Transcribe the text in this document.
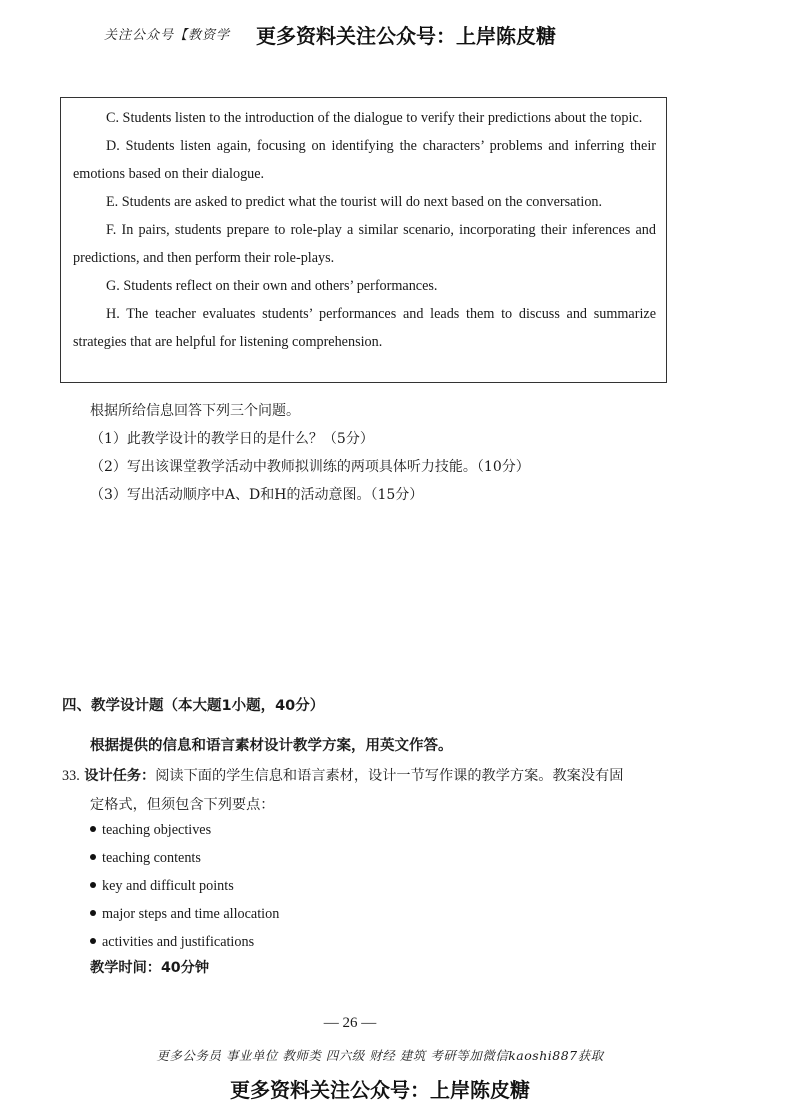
关注公众号【教资学 更多资料关注公众号：上岸陈皮糖

C. Students listen to the introduction of the dialogue to verify their predictions about the topic.

D. Students listen again, focusing on identifying the characters’ problems and inferring their emotions based on their dialogue.

E. Students are asked to predict what the tourist will do next based on the conversation.

F. In pairs, students prepare to role-play a similar scenario, incorporating their inferences and predictions, and then perform their role-plays.

G. Students reflect on their own and others’ performances.

H. The teacher evaluates students’ performances and leads them to discuss and summarize strategies that are helpful for listening comprehension.

根据所给信息回答下列三个问题。
（1）此教学设计的教学日的是什么？（5分）
（2）写出该课堂教学活动中教师拟训练的两项具体听力技能。（10分）
（3）写出活动顺序中A、D和H的活动意图。（15分）
四、教学设计题（本大题1小题，40分）
根据提供的信息和语言素材设计教学方案，用英文作答。
33. 设计任务：阅读下面的学生信息和语言素材，设计一节写作课的教学方案。教案没有固
定格式，但须包含下列要点：
teaching objectives
teaching contents
key and difficult points
major steps and time allocation
activities and justifications
教学时间：40分钟
— 26 —
更多公务员 事业单位 教师类 四六级 财经 建筑 考研等加微信kaoshi887获取
更多资料关注公众号：上岸陈皮糖
